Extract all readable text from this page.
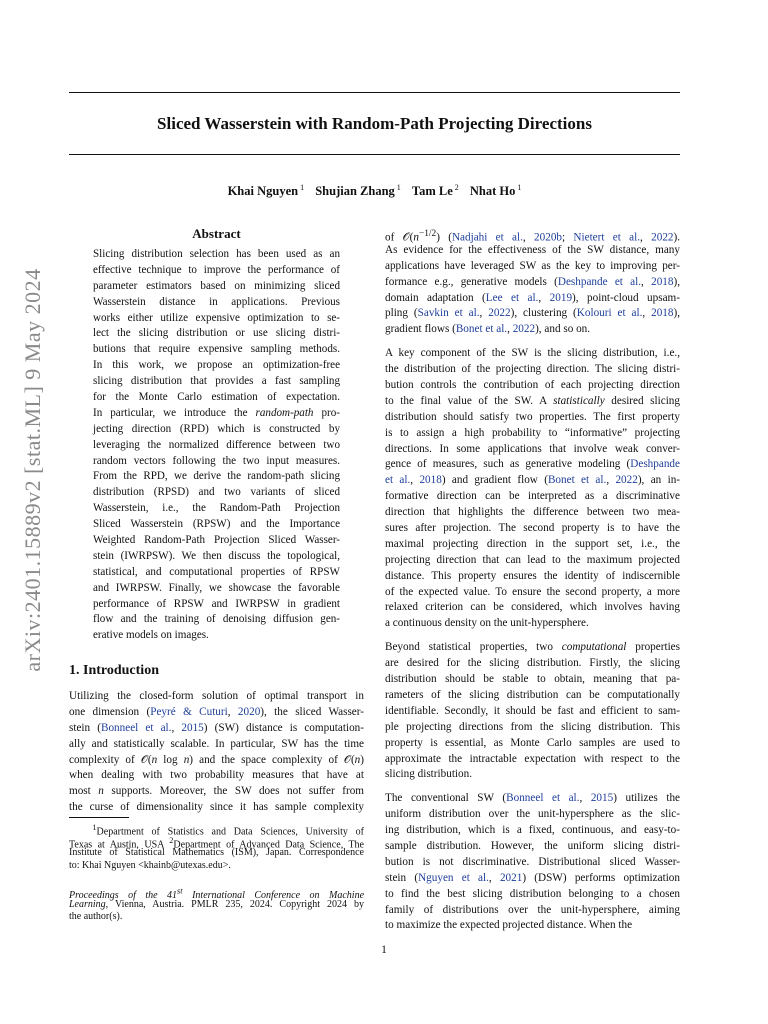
Sliced Wasserstein with Random-Path Projecting Directions
Khai Nguyen $^1$ Shujian Zhang $^1$ Tam Le $^2$ Nhat Ho $^1$
arXiv:2401.15889v2 [stat.ML] 9 May 2024
Abstract
Slicing distribution selection has been used as an
effective technique to improve the performance of
parameter estimators based on minimizing sliced
Wasserstein distance in applications. Previous
works either utilize expensive optimization to se-
lect the slicing distribution or use slicing distri-
butions that require expensive sampling methods.
In this work, we propose an optimization-free
slicing distribution that provides a fast sampling
for the Monte Carlo estimation of expectation.
In particular, we introduce the random-path pro-
jecting direction (RPD) which is constructed by
leveraging the normalized difference between two
random vectors following the two input measures.
From the RPD, we derive the random-path slicing
distribution (RPSD) and two variants of sliced
Wasserstein, i.e., the Random-Path Projection
Sliced Wasserstein (RPSW) and the Importance
Weighted Random-Path Projection Sliced Wasser-
stein (IWRPSW). We then discuss the topological,
statistical, and computational properties of RPSW
and IWRPSW. Finally, we showcase the favorable
performance of RPSW and IWRPSW in gradient
flow and the training of denoising diffusion gen-
erative models on images.
1. Introduction
Utilizing the closed-form solution of optimal transport in
one dimension (Peyré & Cuturi, 2020), the sliced Wasser-
stein (Bonneel et al., 2015) (SW) distance is computation-
ally and statistically scalable. In particular, SW has the time
complexity of 𝒪(n log n) and the space complexity of 𝒪(n)
when dealing with two probability measures that have at
most n supports. Moreover, the SW does not suffer from
the curse of dimensionality since it has sample complexity
$^1$Department of Statistics and Data Sciences, University of
Texas at Austin, USA $^2$Department of Advanced Data Science, The
Institute of Statistical Mathematics (ISM), Japan. Correspondence
to: Khai Nguyen <khainb@utexas.edu>.
Proceedings of the 41st International Conference on Machine
Learning, Vienna, Austria. PMLR 235, 2024. Copyright 2024 by
the author(s).
of $𝒪(n^{-1/2})$ (Nadjahi et al., 2020b; Nietert et al., 2022).
As evidence for the effectiveness of the SW distance, many
applications have leveraged SW as the key to improving per-
formance e.g., generative models (Deshpande et al., 2018),
domain adaptation (Lee et al., 2019), point-cloud upsam-
pling (Savkin et al., 2022), clustering (Kolouri et al., 2018),
gradient flows (Bonet et al., 2022), and so on.
A key component of the SW is the slicing distribution, i.e.,
the distribution of the projecting direction. The slicing distri-
bution controls the contribution of each projecting direction
to the final value of the SW. A statistically desired slicing
distribution should satisfy two properties. The first property
is to assign a high probability to “informative” projecting
directions. In some applications that involve weak conver-
gence of measures, such as generative modeling (Deshpande
et al., 2018) and gradient flow (Bonet et al., 2022), an in-
formative direction can be interpreted as a discriminative
direction that highlights the difference between two mea-
sures after projection. The second property is to have the
maximal projecting direction in the support set, i.e., the
projecting direction that can lead to the maximum projected
distance. This property ensures the identity of indiscernible
of the expected value. To ensure the second property, a more
relaxed criterion can be considered, which involves having
a continuous density on the unit-hypersphere.
Beyond statistical properties, two computational properties
are desired for the slicing distribution. Firstly, the slicing
distribution should be stable to obtain, meaning that pa-
rameters of the slicing distribution can be computationally
identifiable. Secondly, it should be fast and efficient to sam-
ple projecting directions from the slicing distribution. This
property is essential, as Monte Carlo samples are used to
approximate the intractable expectation with respect to the
slicing distribution.
The conventional SW (Bonneel et al., 2015) utilizes the
uniform distribution over the unit-hypersphere as the slic-
ing distribution, which is a fixed, continuous, and easy-to-
sample distribution. However, the uniform slicing distri-
bution is not discriminative. Distributional sliced Wasser-
stein (Nguyen et al., 2021) (DSW) performs optimization
to find the best slicing distribution belonging to a chosen
family of distributions over the unit-hypersphere, aiming
to maximize the expected projected distance. When the
1
